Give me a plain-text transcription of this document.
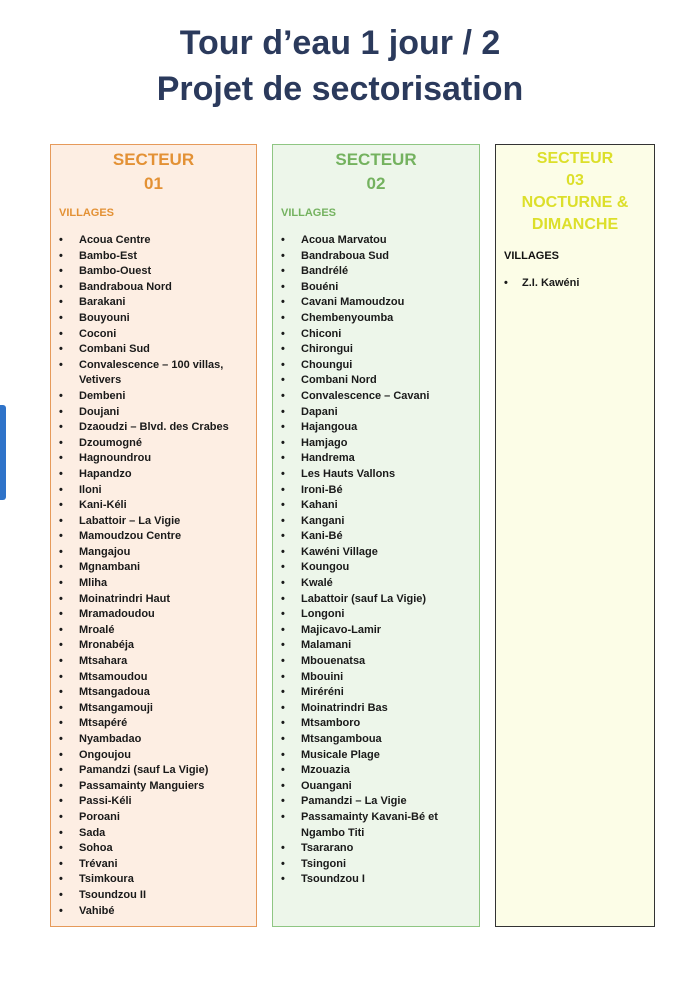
Tour d’eau 1 jour / 2
Projet de sectorisation
SECTEUR
01
VILLAGES
• Acoua Centre
• Bambo-Est
• Bambo-Ouest
• Bandraboua Nord
• Barakani
• Bouyouni
• Coconi
• Combani Sud
• Convalescence – 100 villas, Vetivers
• Dembeni
• Doujani
• Dzaoudzi – Blvd. des Crabes
• Dzoumogné
• Hagnoundrou
• Hapandzo
• Iloni
• Kani-Kéli
• Labattoir – La Vigie
• Mamoudzou Centre
• Mangajou
• Mgnambani
• Mliha
• Moinatrindri Haut
• Mramadoudou
• Mroalé
• Mronabéja
• Mtsahara
• Mtsamoudou
• Mtsangadoua
• Mtsangamouji
• Mtsapéré
• Nyambadao
• Ongoujou
• Pamandzi (sauf La Vigie)
• Passamainty Manguiers
• Passi-Kéli
• Poroani
• Sada
• Sohoa
• Trévani
• Tsimkoura
• Tsoundzou II
• Vahibé
SECTEUR
02
VILLAGES
• Acoua Marvatou
• Bandraboua Sud
• Bandrélé
• Bouéni
• Cavani Mamoudzou
• Chembenyoumba
• Chiconi
• Chirongui
• Choungui
• Combani Nord
• Convalescence – Cavani
• Dapani
• Hajangoua
• Hamjago
• Handrema
• Les Hauts Vallons
• Ironi-Bé
• Kahani
• Kangani
• Kani-Bé
• Kawéni Village
• Koungou
• Kwalé
• Labattoir (sauf La Vigie)
• Longoni
• Majicavo-Lamir
• Malamani
• Mbouenatsa
• Mbouini
• Miréréni
• Moinatrindri Bas
• Mtsamboro
• Mtsangamboua
• Musicale Plage
• Mzouazia
• Ouangani
• Pamandzi – La Vigie
• Passamainty Kavani-Bé et Ngambo Titi
• Tsararano
• Tsingoni
• Tsoundzou I
SECTEUR
03
NOCTURNE &
DIMANCHE
VILLAGES
• Z.I. Kawéni
